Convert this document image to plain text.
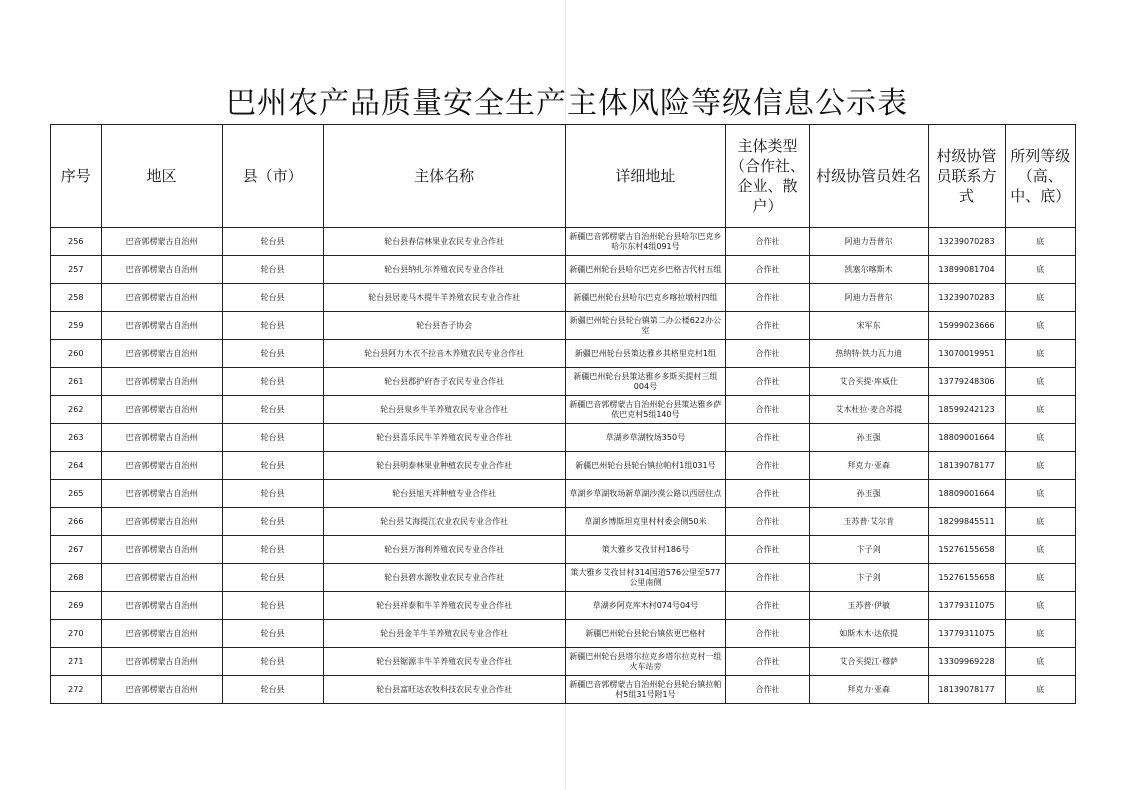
巴州农产品质量安全生产主体风险等级信息公示表
序号	地区	县（市）	主体名称	详细地址	主体类型（合作社、企业、散户）	村级协管员姓名	村级协管员联系方式	所列等级（高、中、底）
256	巴音郭楞蒙古自治州	轮台县	轮台县春信林果业农民专业合作社	新疆巴音郭楞蒙古自治州轮台县哈尔巴克乡哈尔东村4组091号	合作社	阿迪力吾普尔	13239070283	底
257	巴音郭楞蒙古自治州	轮台县	轮台县纳扎尔养殖农民专业合作社	新疆巴州轮台县哈尔巴克乡巴格吉代村五组	合作社	凯塞尔喀斯木	13899081704	底
258	巴音郭楞蒙古自治州	轮台县	轮台县居麦马木提牛羊养殖农民专业合作社	新疆巴州轮台县哈尔巴克乡喀拉墩村四组	合作社	阿迪力吾普尔	13239070283	底
259	巴音郭楞蒙古自治州	轮台县	轮台县杏子协会	新疆巴州轮台县轮台镇第二办公楼622办公室	合作社	宋军东	15999023666	底
260	巴音郭楞蒙古自治州	轮台县	轮台县阿力木衣不拉音木养殖农民专业合作社	新疆巴州轮台县策达雅乡其格里克村1组	合作社	热纳特·铁力瓦力迪	13070019951	底
261	巴音郭楞蒙古自治州	轮台县	轮台县郡护府杏子农民专业合作社	新疆巴州轮台县策达雅乡多斯买提村三组004号	合作社	艾合买提·库威仕	13779248306	底
262	巴音郭楞蒙古自治州	轮台县	轮台县泉乡牛羊养殖农民专业合作社	新疆巴音郭楞蒙古自治州轮台县策达雅乡萨依巴克村5组140号	合作社	艾木杜拉·麦合苏提	18599242123	底
263	巴音郭楞蒙古自治州	轮台县	轮台县喜乐民牛羊养殖农民专业合作社	草湖乡草湖牧场350号	合作社	孙玉强	18809001664	底
264	巴音郭楞蒙古自治州	轮台县	轮台县明泰林果业种植农民专业合作社	新疆巴州轮台县轮台镇拉帕村1组031号	合作社	拜克力·亚森	18139078177	底
265	巴音郭楞蒙古自治州	轮台县	轮台县旭天祥种植专业合作社	草湖乡草湖牧场新草湖沙漠公路以西居住点	合作社	孙玉强	18809001664	底
266	巴音郭楞蒙古自治州	轮台县	轮台县艾海提江农业农民专业合作社	草湖乡博斯坦克里村村委会侧50米	合作社	玉苏普·艾尔肯	18299845511	底
267	巴音郭楞蒙古自治州	轮台县	轮台县万海利养殖农民专业合作社	策大雅乡艾孜甘村186号	合作社	卞子剑	15276155658	底
268	巴音郭楞蒙古自治州	轮台县	轮台县碧水源牧业农民专业合作社	策大雅乡艾孜甘村314国道576公里至577公里南侧	合作社	卞子剑	15276155658	底
269	巴音郭楞蒙古自治州	轮台县	轮台县祥泰和牛羊养殖农民专业合作社	草湖乡阿克库木村074号04号	合作社	玉苏普·伊敏	13779311075	底
270	巴音郭楞蒙古自治州	轮台县	轮台县金羊牛羊养殖农民专业合作社	新疆巴州轮台县轮台镇依更巴格村	合作社	如斯木木·达依提	13779311075	底
271	巴音郭楞蒙古自治州	轮台县	轮台县锯源丰牛羊养殖农民专业合作社	新疆巴州轮台县塔尔拉克乡塔尔拉克村一组火车站旁	合作社	艾合买提江·穆萨	13309969228	底
272	巴音郭楞蒙古自治州	轮台县	轮台县富旺达农牧科技农民专业合作社	新疆巴音郭楞蒙古自治州轮台县轮台镇拉帕村5组31号附1号	合作社	拜克力·亚森	18139078177	底
